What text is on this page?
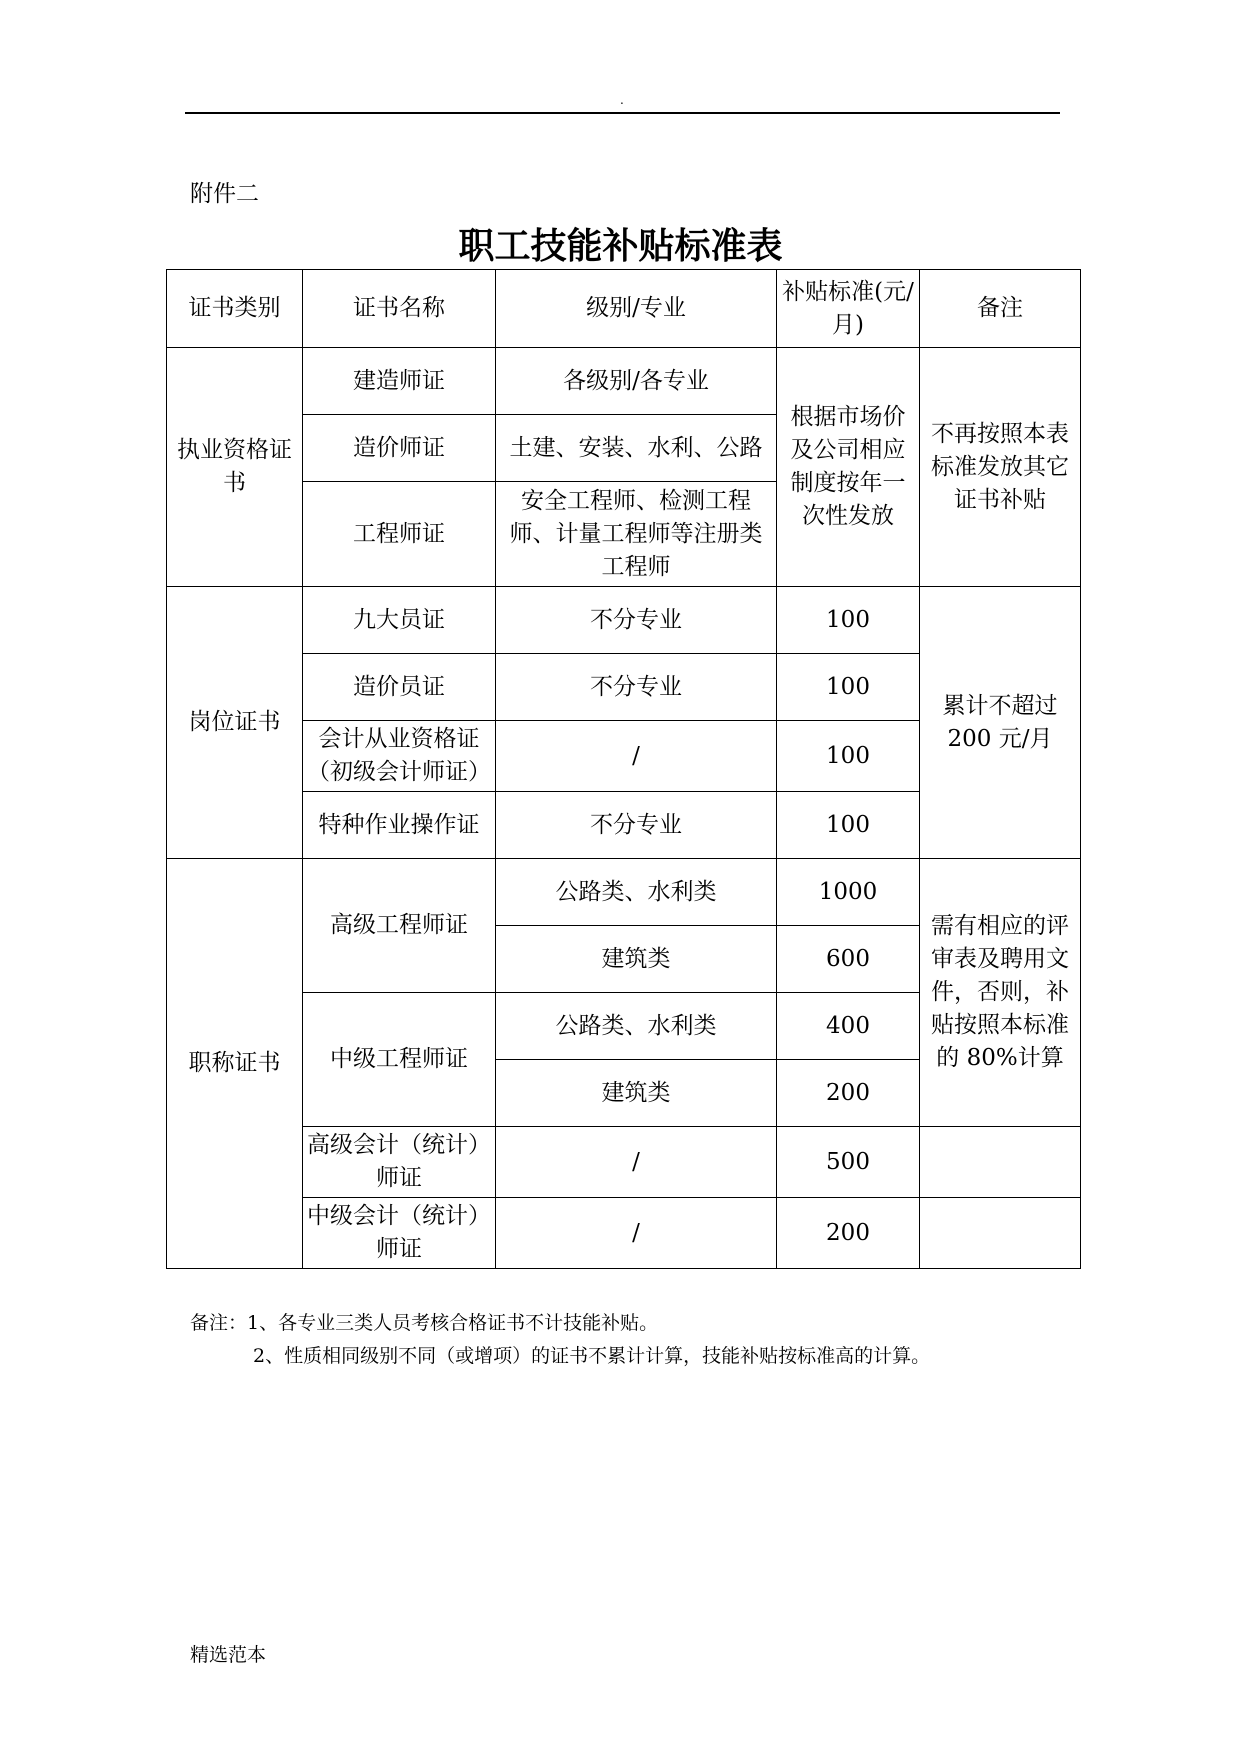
.
附件二
职工技能补贴标准表
证书类别	证书名称	级别/专业	补贴标准(元/月)	备注
执业资格证书	建造师证	各级别/各专业	根据市场价及公司相应制度按年一次性发放	不再按照本表标准发放其它证书补贴
	造价师证	土建、安装、水利、公路		
	工程师证	安全工程师、检测工程师、计量工程师等注册类工程师		
岗位证书	九大员证	不分专业	100	累计不超过 200 元/月
	造价员证	不分专业	100	
	会计从业资格证（初级会计师证）	/	100	
	特种作业操作证	不分专业	100	
职称证书	高级工程师证	公路类、水利类	1000	需有相应的评审表及聘用文件，否则，补贴按照本标准的 80%计算
		建筑类	600	
	中级工程师证	公路类、水利类	400	
		建筑类	200	
	高级会计（统计）师证	/	500	
	中级会计（统计）师证	/	200	
备注：1、各专业三类人员考核合格证书不计技能补贴。
2、性质相同级别不同（或增项）的证书不累计计算，技能补贴按标准高的计算。
精选范本
